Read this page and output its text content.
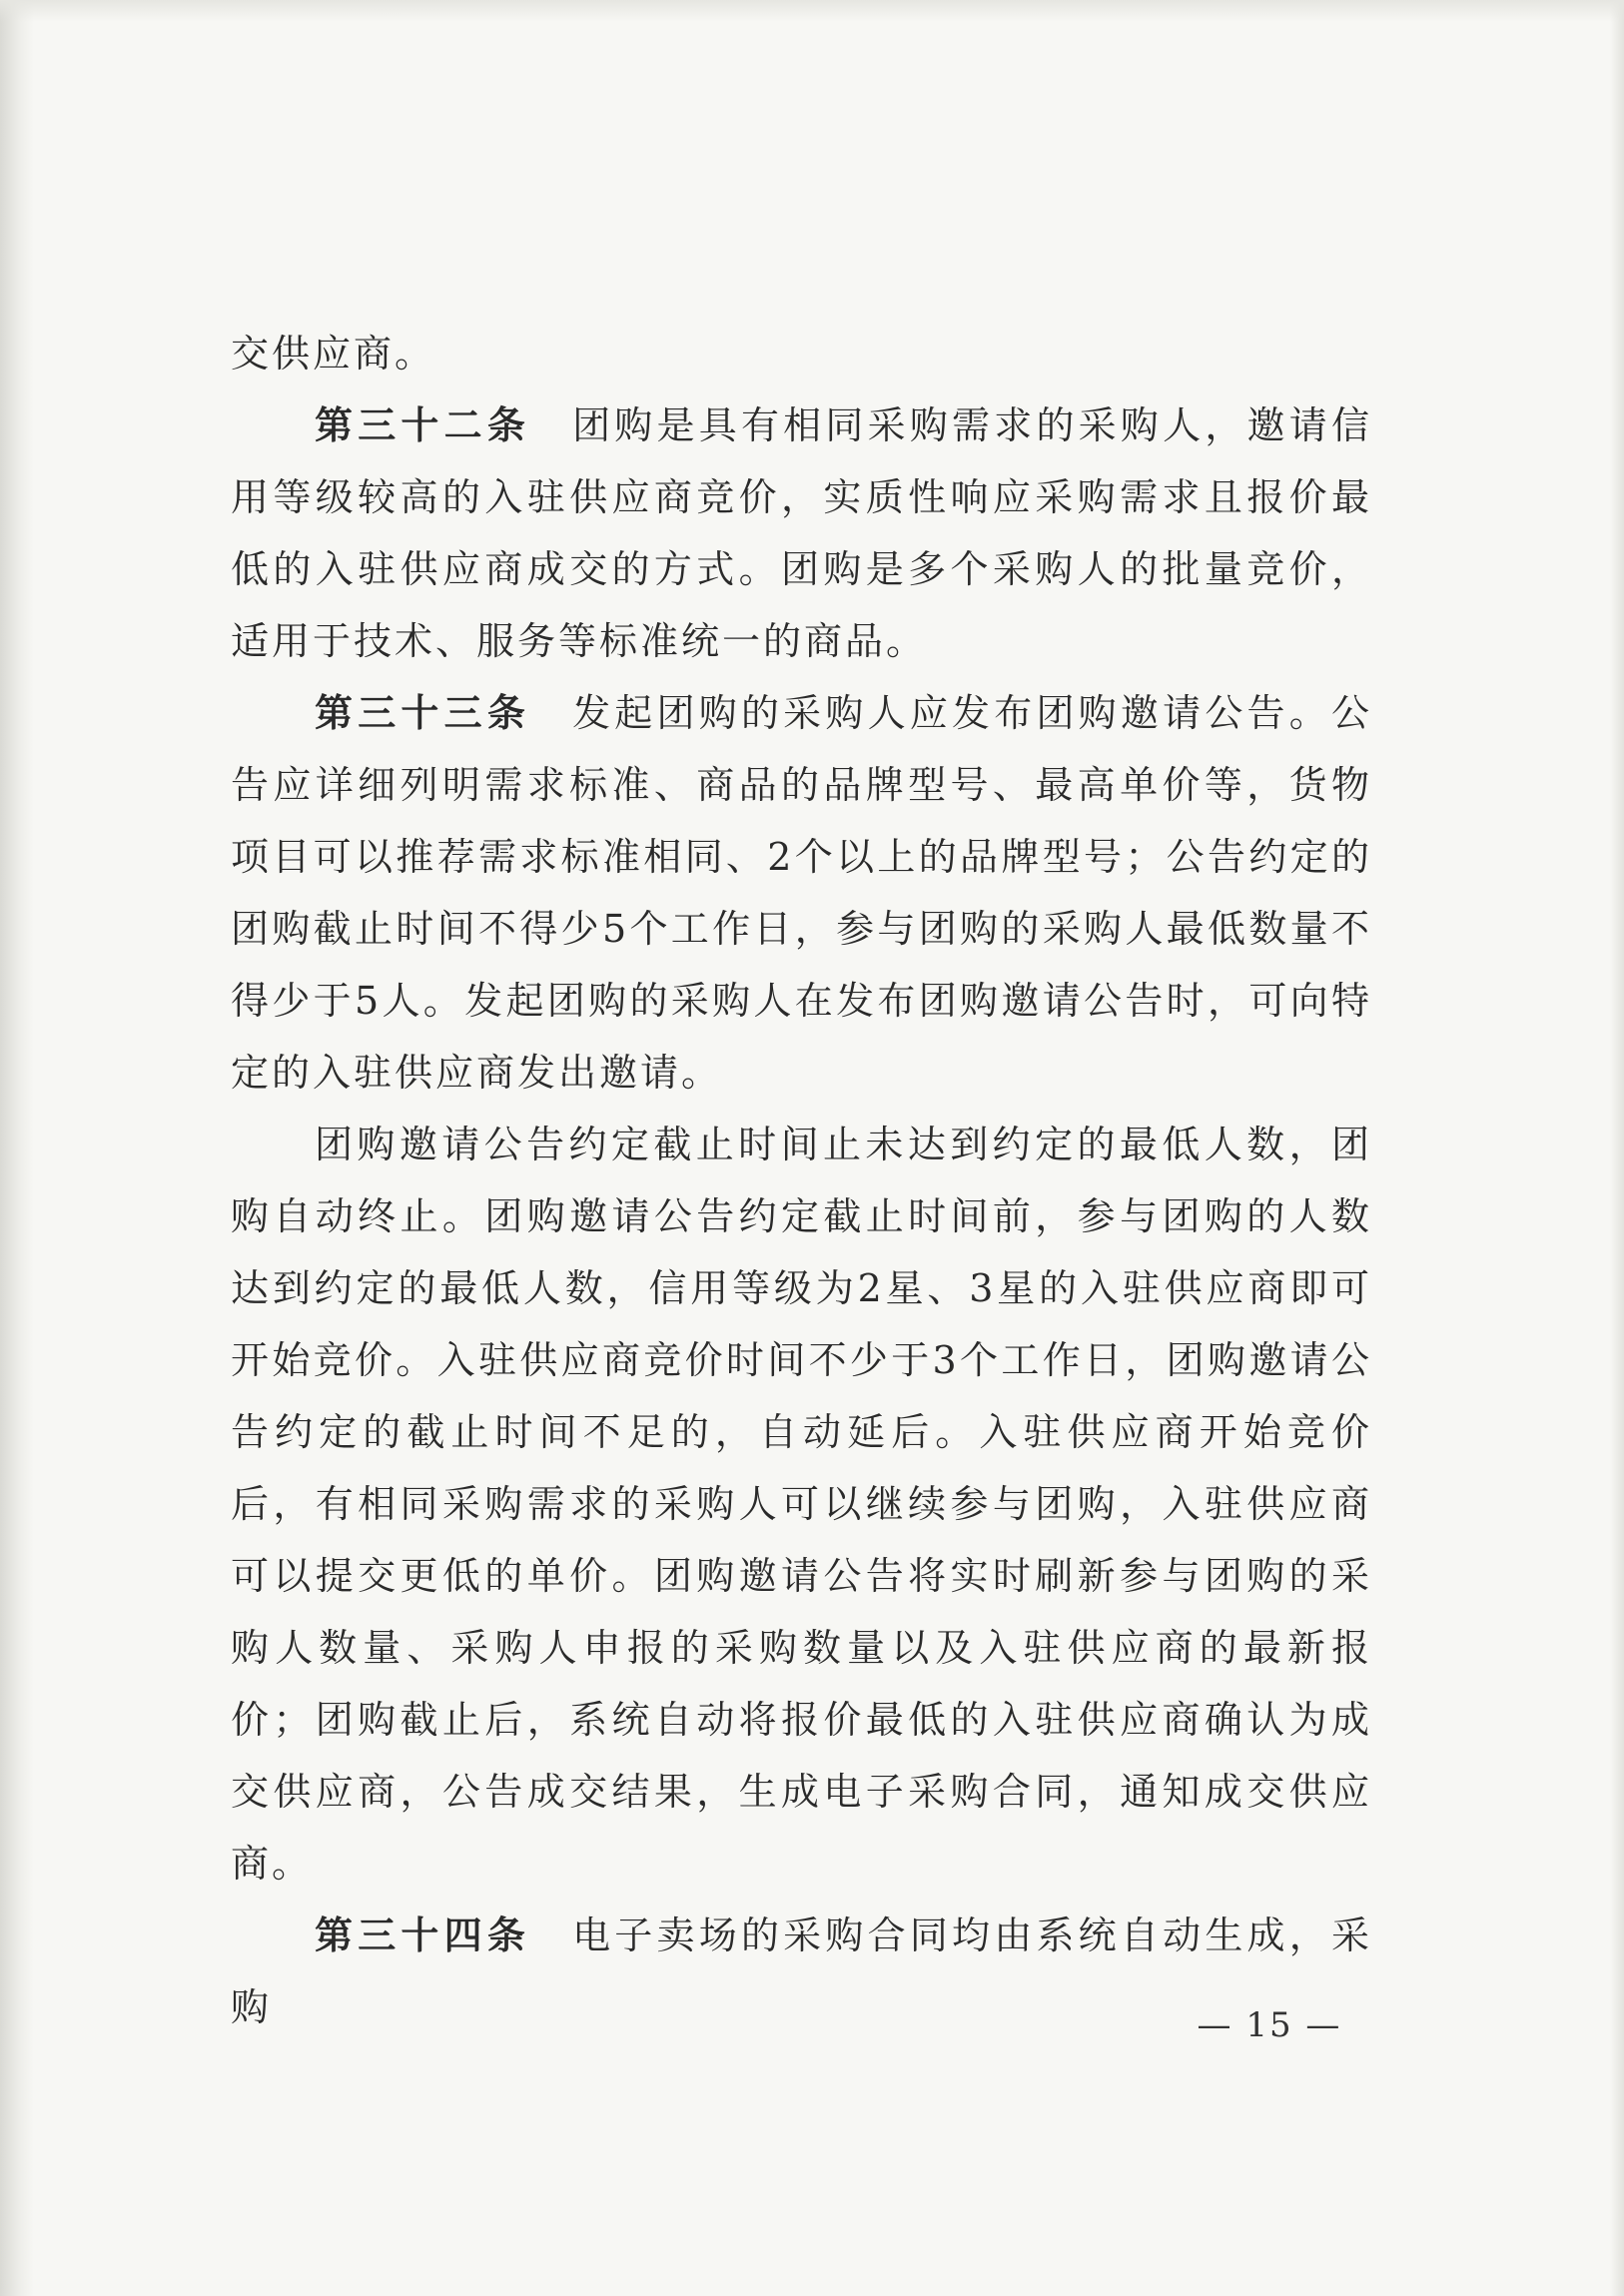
交供应商。

第三十二条 团购是具有相同采购需求的采购人，邀请信用等级较高的入驻供应商竞价，实质性响应采购需求且报价最低的入驻供应商成交的方式。团购是多个采购人的批量竞价，适用于技术、服务等标准统一的商品。

第三十三条 发起团购的采购人应发布团购邀请公告。公告应详细列明需求标准、商品的品牌型号、最高单价等，货物项目可以推荐需求标准相同、2个以上的品牌型号；公告约定的团购截止时间不得少5个工作日，参与团购的采购人最低数量不得少于5人。发起团购的采购人在发布团购邀请公告时，可向特定的入驻供应商发出邀请。

团购邀请公告约定截止时间止未达到约定的最低人数，团购自动终止。团购邀请公告约定截止时间前，参与团购的人数达到约定的最低人数，信用等级为2星、3星的入驻供应商即可开始竞价。入驻供应商竞价时间不少于3个工作日，团购邀请公告约定的截止时间不足的，自动延后。入驻供应商开始竞价后，有相同采购需求的采购人可以继续参与团购，入驻供应商可以提交更低的单价。团购邀请公告将实时刷新参与团购的采购人数量、采购人申报的采购数量以及入驻供应商的最新报价；团购截止后，系统自动将报价最低的入驻供应商确认为成交供应商，公告成交结果，生成电子采购合同，通知成交供应商。

第三十四条 电子卖场的采购合同均由系统自动生成，采购	— 15 —
